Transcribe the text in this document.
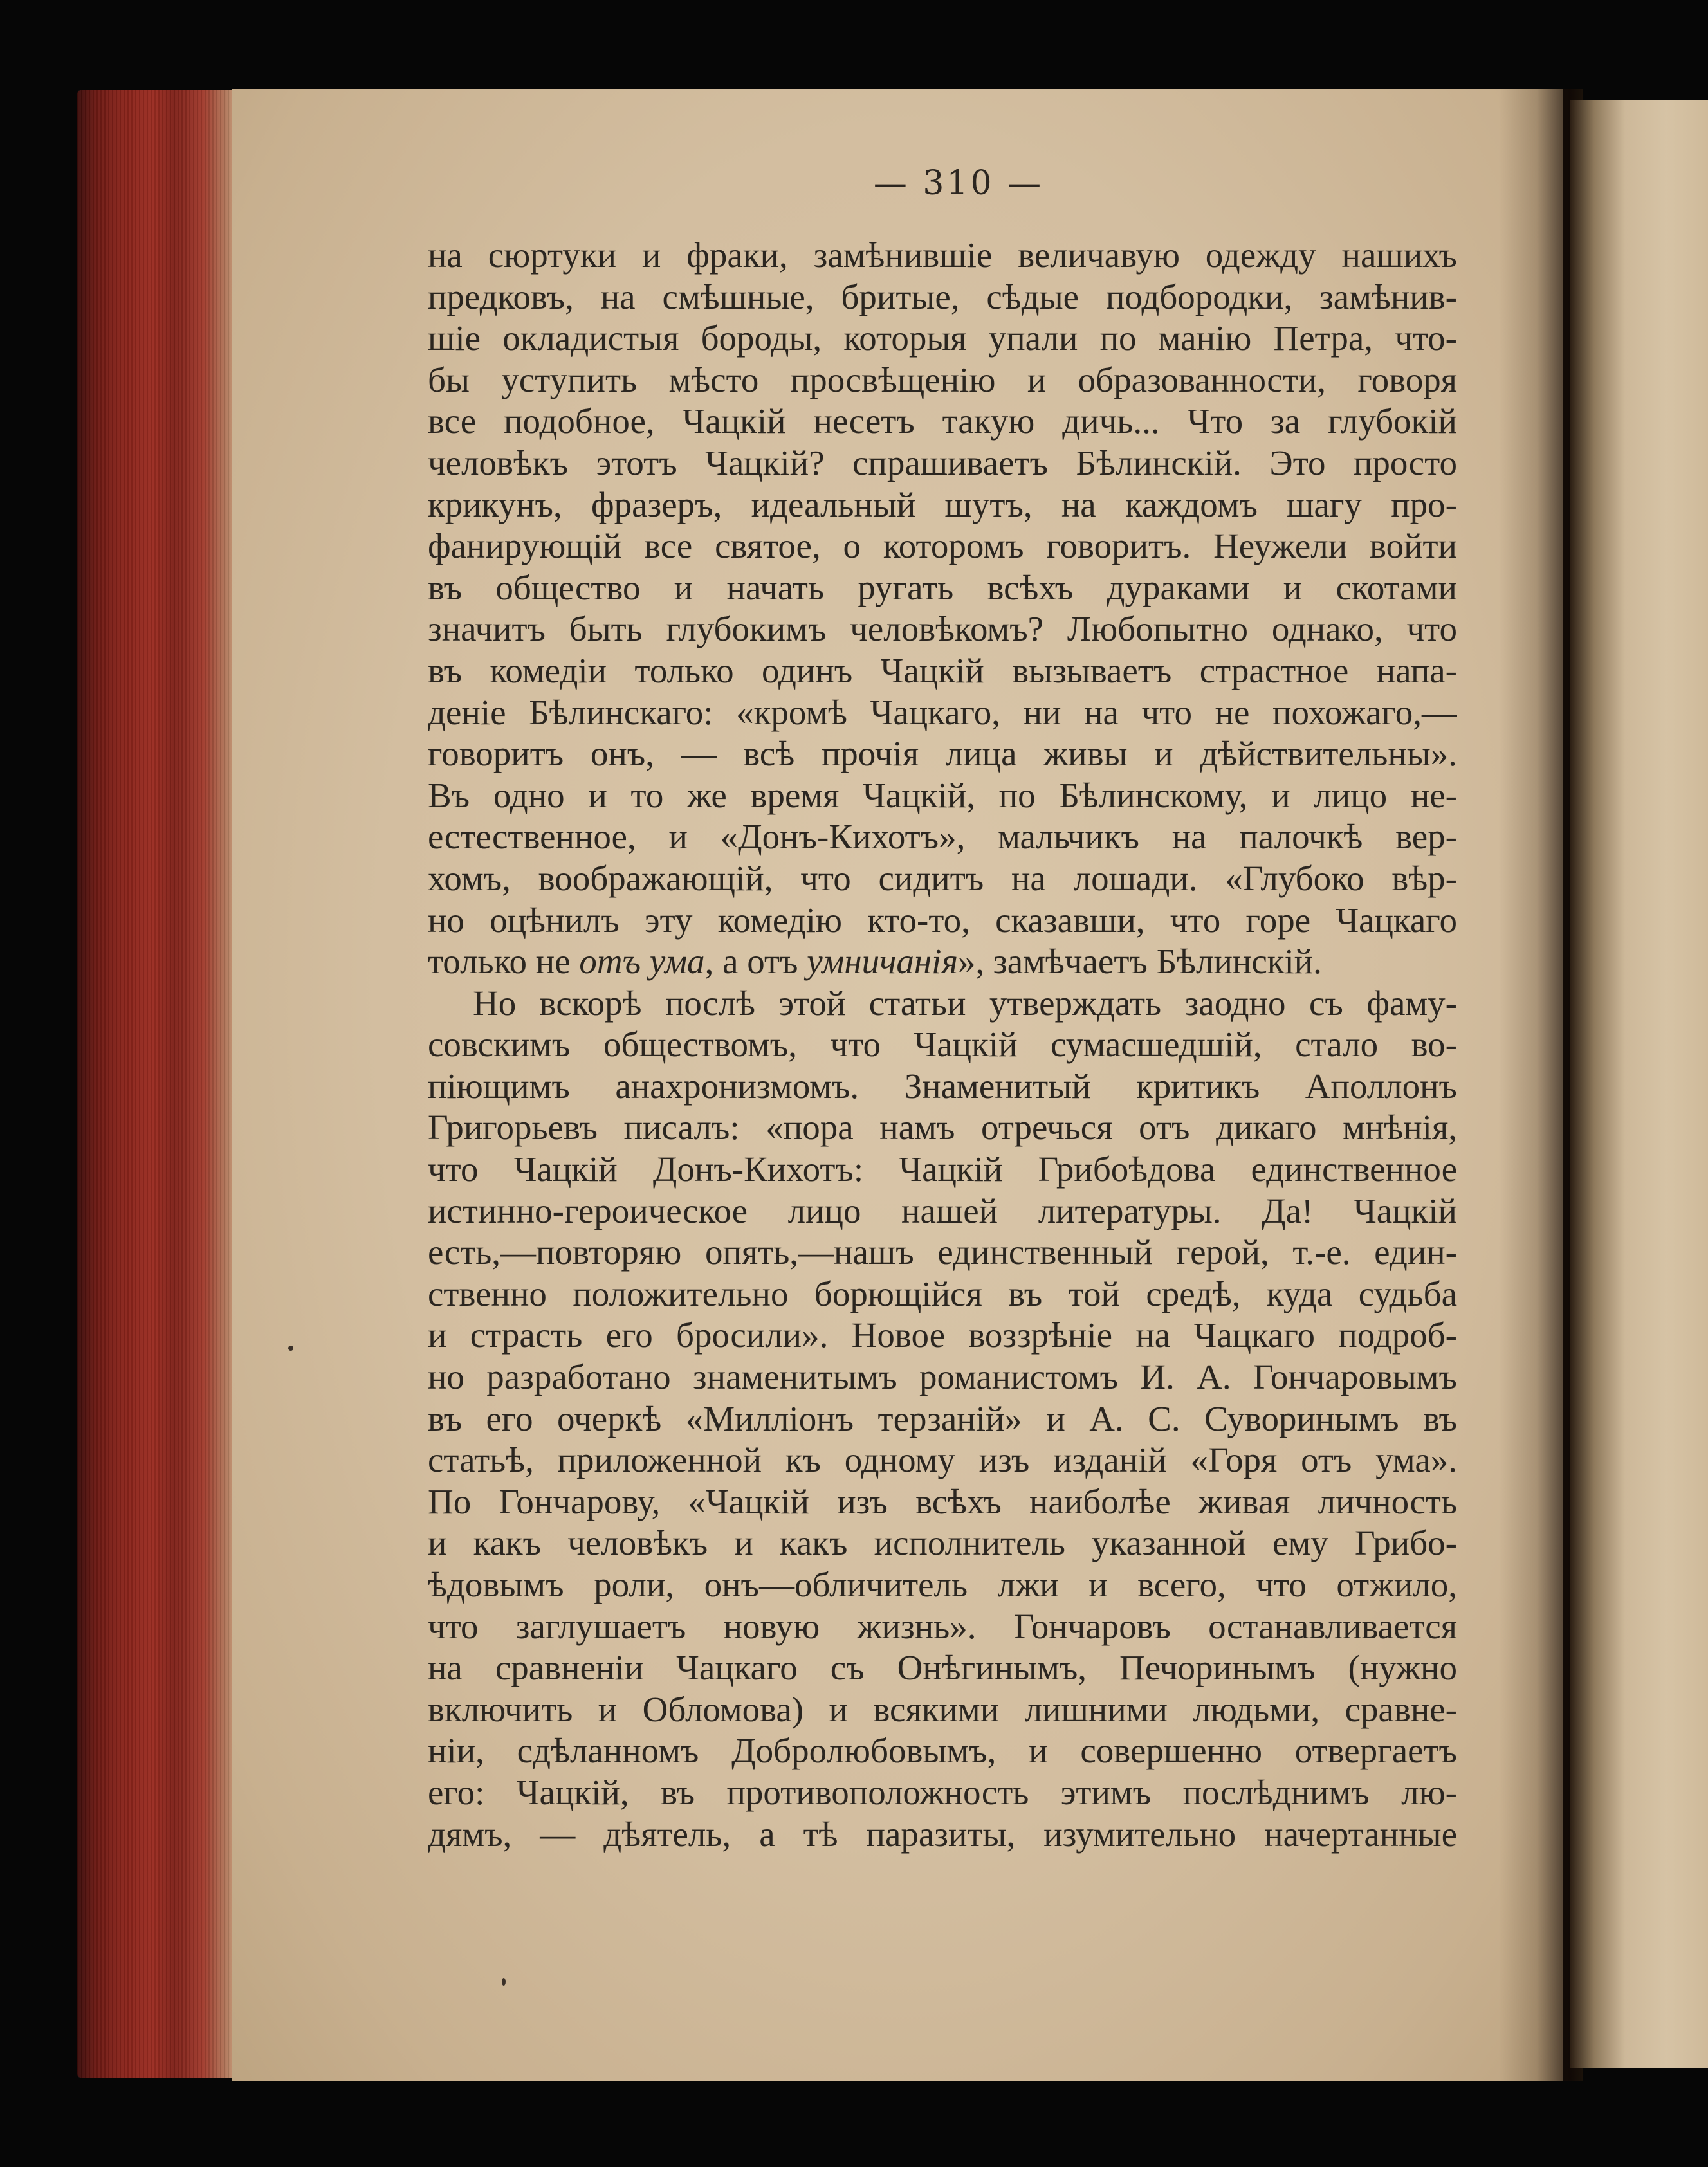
— 310 —
на сюртуки и фраки, замѣнившіе величавую одежду нашихъ
предковъ, на смѣшные, бритые, сѣдые подбородки, замѣнив-
шіе окладистыя бороды, которыя упали по манію Петра, что-
бы уступить мѣсто просвѣщенію и образованности, говоря
все подобное, Чацкій несетъ такую дичь... Что за глубокій
человѣкъ этотъ Чацкій? спрашиваетъ Бѣлинскій. Это просто
крикунъ, фразеръ, идеальный шутъ, на каждомъ шагу про-
фанирующій все святое, о которомъ говоритъ. Неужели войти
въ общество и начать ругать всѣхъ дураками и скотами
значитъ быть глубокимъ человѣкомъ? Любопытно однако, что
въ комедіи только одинъ Чацкій вызываетъ страстное напа-
деніе Бѣлинскаго: «кромѣ Чацкаго, ни на что не похожаго,—
говоритъ онъ, — всѣ прочія лица живы и дѣйствительны».
Въ одно и то же время Чацкій, по Бѣлинскому, и лицо не-
естественное, и «Донъ-Кихотъ», мальчикъ на палочкѣ вер-
хомъ, воображающій, что сидитъ на лошади. «Глубоко вѣр-
но оцѣнилъ эту комедію кто-то, сказавши, что горе Чацкаго
только не отъ ума, а отъ умничанія», замѣчаетъ Бѣлинскій.
Но вскорѣ послѣ этой статьи утверждать заодно съ фаму-
совскимъ обществомъ, что Чацкій сумасшедшій, стало во-
піющимъ анахронизмомъ. Знаменитый критикъ Аполлонъ
Григорьевъ писалъ: «пора намъ отречься отъ дикаго мнѣнія,
что Чацкій Донъ-Кихотъ: Чацкій Грибоѣдова единственное
истинно-героическое лицо нашей литературы. Да! Чацкій
есть,—повторяю опять,—нашъ единственный герой, т.-е. един-
ственно положительно борющійся въ той средѣ, куда судьба
и страсть его бросили». Новое воззрѣніе на Чацкаго подроб-
но разработано знаменитымъ романистомъ И. А. Гончаровымъ
въ его очеркѣ «Милліонъ терзаній» и А. С. Суворинымъ въ
статьѣ, приложенной къ одному изъ изданій «Горя отъ ума».
По Гончарову, «Чацкій изъ всѣхъ наиболѣе живая личность
и какъ человѣкъ и какъ исполнитель указанной ему Грибо-
ѣдовымъ роли, онъ—обличитель лжи и всего, что отжило,
что заглушаетъ новую жизнь». Гончаровъ останавливается
на сравненіи Чацкаго съ Онѣгинымъ, Печоринымъ (нужно
включить и Обломова) и всякими лишними людьми, сравне-
ніи, сдѣланномъ Добролюбовымъ, и совершенно отвергаетъ
его: Чацкій, въ противоположность этимъ послѣднимъ лю-
дямъ, — дѣятель, а тѣ паразиты, изумительно начертанные
